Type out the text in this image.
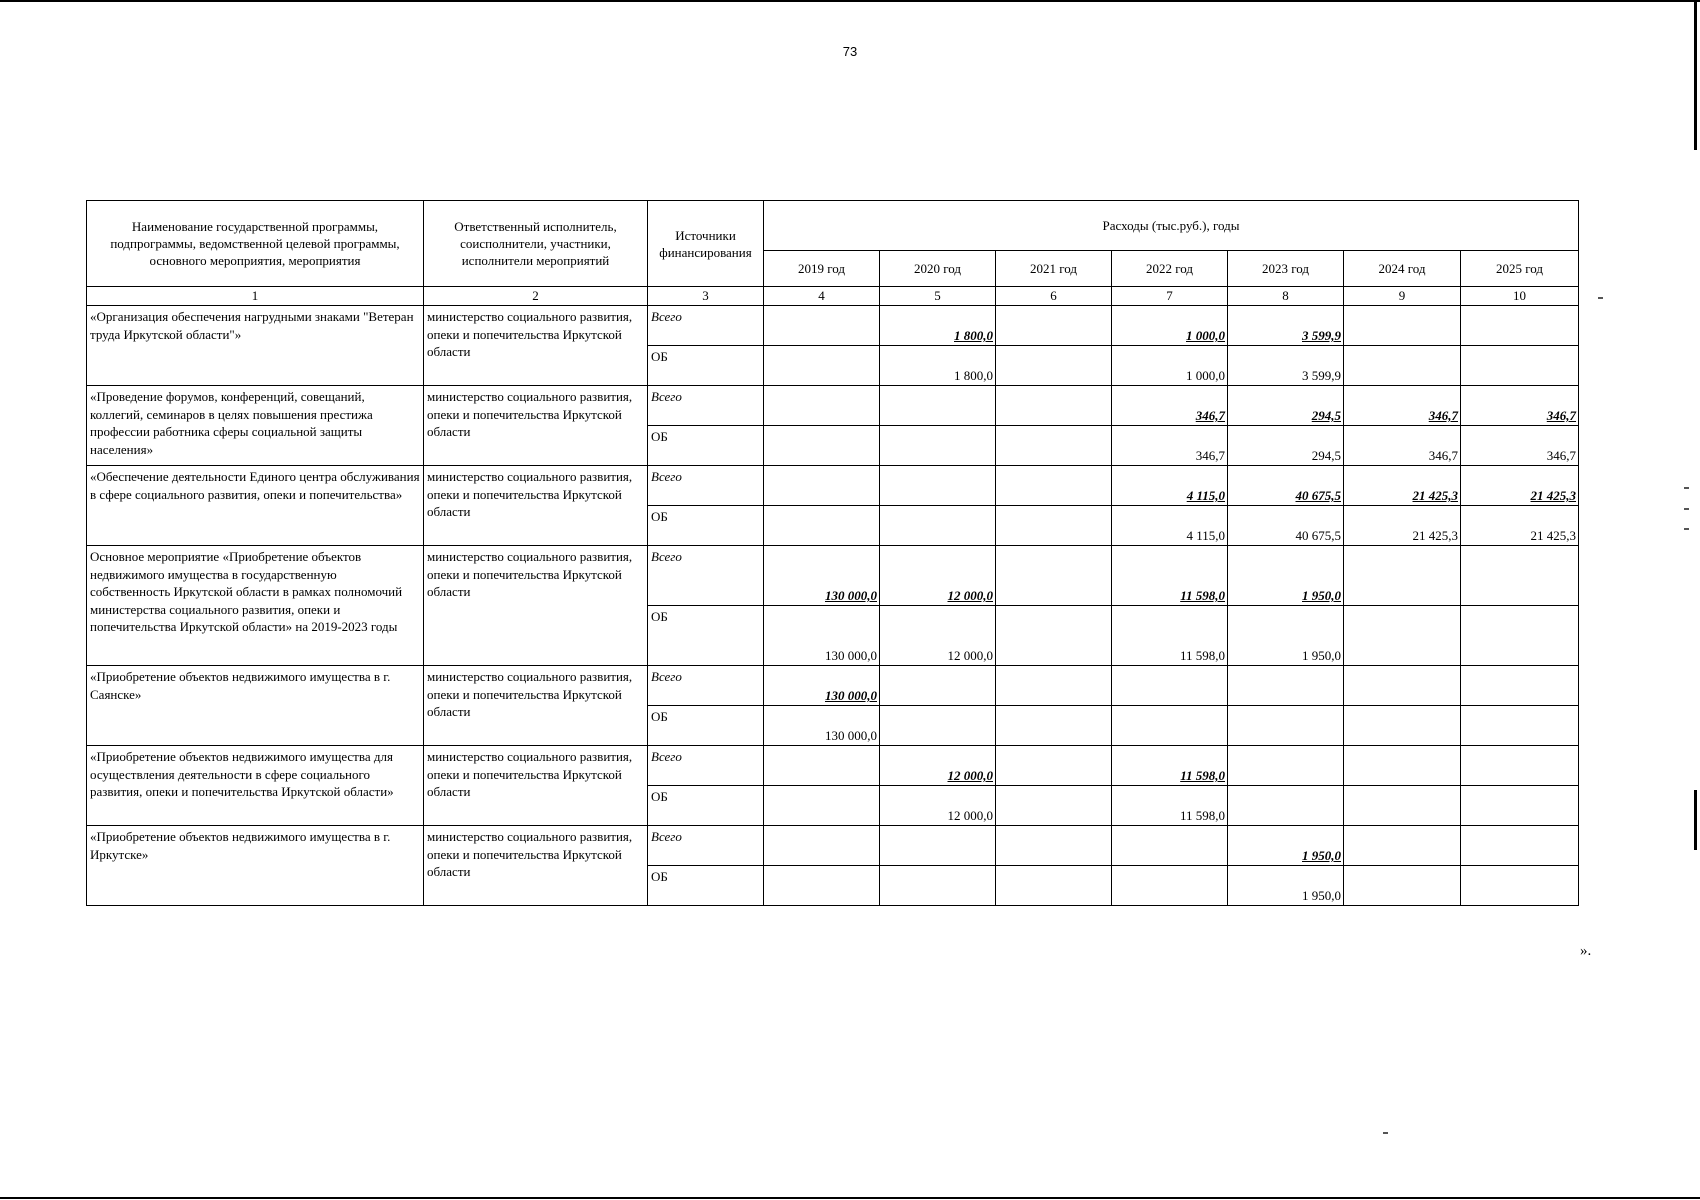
73
Наименование государственной программы, подпрограммы, ведомственной целевой программы, основного мероприятия, мероприятия	Ответственный исполнитель, соисполнители, участники, исполнители мероприятий	Источники финансирования	Расходы (тыс.руб.), годы						
			2019 год	2020 год	2021 год	2022 год	2023 год	2024 год	2025 год
1	2	3	4	5	6	7	8	9	10
«Организация обеспечения нагрудными знаками "Ветеран труда Иркутской области"»	министерство социального развития, опеки и попечительства Иркутской области	Всего		1 800,0		1 000,0	3 599,9		
		ОБ		1 800,0		1 000,0	3 599,9		
«Проведение форумов, конференций, совещаний, коллегий, семинаров в целях повышения престижа профессии работника сферы социальной защиты населения»	министерство социального развития, опеки и попечительства Иркутской области	Всего				346,7	294,5	346,7	346,7
		ОБ				346,7	294,5	346,7	346,7
«Обеспечение деятельности Единого центра обслуживания в сфере социального развития, опеки и попечительства»	министерство социального развития, опеки и попечительства Иркутской области	Всего				4 115,0	40 675,5	21 425,3	21 425,3
		ОБ				4 115,0	40 675,5	21 425,3	21 425,3
Основное мероприятие «Приобретение объектов недвижимого имущества в государственную собственность Иркутской области в рамках полномочий министерства социального развития, опеки и попечительства Иркутской области» на 2019-2023 годы	министерство социального развития, опеки и попечительства Иркутской области	Всего	130 000,0	12 000,0		11 598,0	1 950,0		
		ОБ	130 000,0	12 000,0		11 598,0	1 950,0		
«Приобретение объектов недвижимого имущества в г. Саянске»	министерство социального развития, опеки и попечительства Иркутской области	Всего	130 000,0						
		ОБ	130 000,0						
«Приобретение объектов недвижимого имущества для осуществления деятельности в сфере социального развития, опеки и попечительства Иркутской области»	министерство социального развития, опеки и попечительства Иркутской области	Всего		12 000,0		11 598,0			
		ОБ		12 000,0		11 598,0			
«Приобретение объектов недвижимого имущества в г. Иркутске»	министерство социального развития, опеки и попечительства Иркутской области	Всего					1 950,0		
		ОБ					1 950,0		
».
